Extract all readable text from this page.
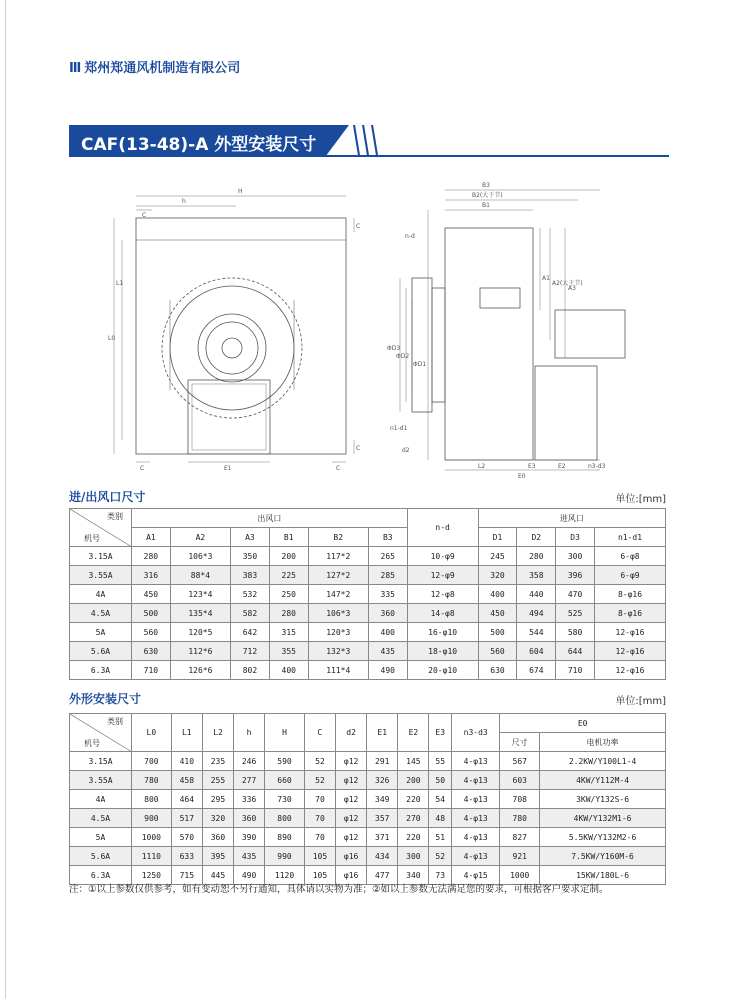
Ⅲ 郑州郑通风机制造有限公司
CAF(13-48)-A 外型安装尺寸
H
h
C
L1
L0
E1
C
C
C	C
B3
B2(大于节)
B1
n-d
A1
A2(大于节)
A3
ΦD3
ΦD2
ΦD1
n1-d1
d2
L2	E3	E2	n3-d3
E0
进/出风口尺寸	单位:[mm]
类别
机号	出风口						n-d	进风口			
	A1	A2	A3	B1	B2	B3		D1	D2	D3	n1-d1
3.15A	280	106*3	350	200	117*2	265	10-φ9	245	280	300	6-φ8
3.55A	316	88*4	383	225	127*2	285	12-φ9	320	358	396	6-φ9
4A	450	123*4	532	250	147*2	335	12-φ8	400	440	470	8-φ16
4.5A	500	135*4	582	280	106*3	360	14-φ8	450	494	525	8-φ16
5A	560	120*5	642	315	120*3	400	16-φ10	500	544	580	12-φ16
5.6A	630	112*6	712	355	132*3	435	18-φ10	560	604	644	12-φ16
6.3A	710	126*6	802	400	111*4	490	20-φ10	630	674	710	12-φ16
外形安装尺寸	单位:[mm]
类别
机号	L0	L1	L2	h	H	C	d2	E1	E2	E3	n3-d3	E0	
												尺寸	电机功率
3.15A	700	410	235	246	590	52	φ12	291	145	55	4-φ13	567	2.2KW/Y100L1-4
3.55A	780	458	255	277	660	52	φ12	326	200	50	4-φ13	603	4KW/Y112M-4
4A	800	464	295	336	730	70	φ12	349	220	54	4-φ13	708	3KW/Y132S-6
4.5A	900	517	320	360	800	70	φ12	357	270	48	4-φ13	780	4KW/Y132M1-6
5A	1000	570	360	390	890	70	φ12	371	220	51	4-φ13	827	5.5KW/Y132M2-6
5.6A	1110	633	395	435	990	105	φ16	434	300	52	4-φ13	921	7.5KW/Y160M-6
6.3A	1250	715	445	490	1120	105	φ16	477	340	73	4-φ15	1000	15KW/180L-6
注：①以上参数仅供参考，如有变动恕不另行通知，具体请以实物为准；②如以上参数无法满足您的要求，可根据客户要求定制。
